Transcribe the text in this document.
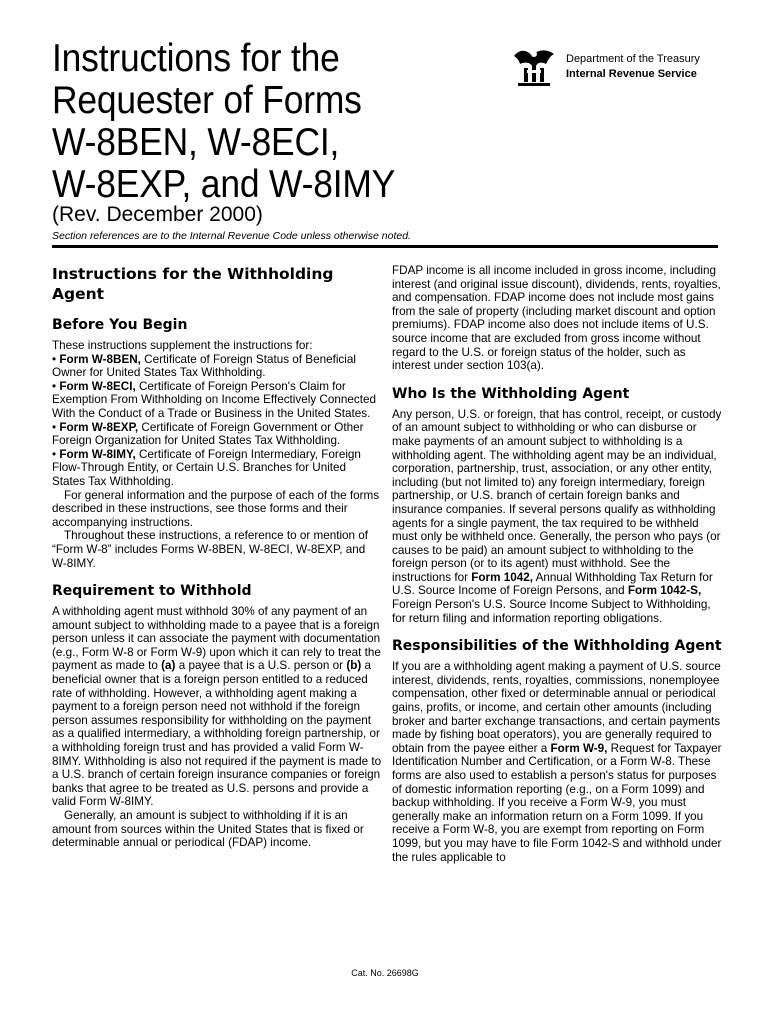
Instructions for the
Requester of Forms
W-8BEN, W-8ECI,
W-8EXP, and W-8IMY

(Rev. December 2000)

Section references are to the Internal Revenue Code unless otherwise noted.

Department of the Treasury
Internal Revenue Service
Instructions for the Withholding Agent
Before You Begin

These instructions supplement the instructions for:

• Form W-8BEN, Certificate of Foreign Status of Beneficial Owner for United States Tax Withholding.

• Form W-8ECI, Certificate of Foreign Person's Claim for Exemption From Withholding on Income Effectively Connected With the Conduct of a Trade or Business in the United States.

• Form W-8EXP, Certificate of Foreign Government or Other Foreign Organization for United States Tax Withholding.

• Form W-8IMY, Certificate of Foreign Intermediary, Foreign Flow-Through Entity, or Certain U.S. Branches for United States Tax Withholding.

For general information and the purpose of each of the forms described in these instructions, see those forms and their accompanying instructions.

Throughout these instructions, a reference to or mention of “Form W-8” includes Forms W-8BEN, W-8ECI, W-8EXP, and W-8IMY.

Requirement to Withhold

A withholding agent must withhold 30% of any payment of an amount subject to withholding made to a payee that is a foreign person unless it can associate the payment with documentation (e.g., Form W-8 or Form W-9) upon which it can rely to treat the payment as made to (a) a payee that is a U.S. person or (b) a beneficial owner that is a foreign person entitled to a reduced rate of withholding. However, a withholding agent making a payment to a foreign person need not withhold if the foreign person assumes responsibility for withholding on the payment as a qualified intermediary, a withholding foreign partnership, or a withholding foreign trust and has provided a valid Form W-8IMY. Withholding is also not required if the payment is made to a U.S. branch of certain foreign insurance companies or foreign banks that agree to be treated as U.S. persons and provide a valid Form W-8IMY.

Generally, an amount is subject to withholding if it is an amount from sources within the United States that is fixed or determinable annual or periodical (FDAP) income.

FDAP income is all income included in gross income, including interest (and original issue discount), dividends, rents, royalties, and compensation. FDAP income does not include most gains from the sale of property (including market discount and option premiums). FDAP income also does not include items of U.S. source income that are excluded from gross income without regard to the U.S. or foreign status of the holder, such as interest under section 103(a).

Who Is the Withholding Agent

Any person, U.S. or foreign, that has control, receipt, or custody of an amount subject to withholding or who can disburse or make payments of an amount subject to withholding is a withholding agent. The withholding agent may be an individual, corporation, partnership, trust, association, or any other entity, including (but not limited to) any foreign intermediary, foreign partnership, or U.S. branch of certain foreign banks and insurance companies. If several persons qualify as withholding agents for a single payment, the tax required to be withheld must only be withheld once. Generally, the person who pays (or causes to be paid) an amount subject to withholding to the foreign person (or to its agent) must withhold. See the instructions for Form 1042, Annual Withholding Tax Return for U.S. Source Income of Foreign Persons, and Form 1042-S, Foreign Person's U.S. Source Income Subject to Withholding, for return filing and information reporting obligations.

Responsibilities of the Withholding Agent

If you are a withholding agent making a payment of U.S. source interest, dividends, rents, royalties, commissions, nonemployee compensation, other fixed or determinable annual or periodical gains, profits, or income, and certain other amounts (including broker and barter exchange transactions, and certain payments made by fishing boat operators), you are generally required to obtain from the payee either a Form W-9, Request for Taxpayer Identification Number and Certification, or a Form W-8. These forms are also used to establish a person's status for purposes of domestic information reporting (e.g., on a Form 1099) and backup withholding. If you receive a Form W-9, you must generally make an information return on a Form 1099. If you receive a Form W-8, you are exempt from reporting on Form 1099, but you may have to file Form 1042-S and withhold under the rules applicable to

Cat. No. 26698G
